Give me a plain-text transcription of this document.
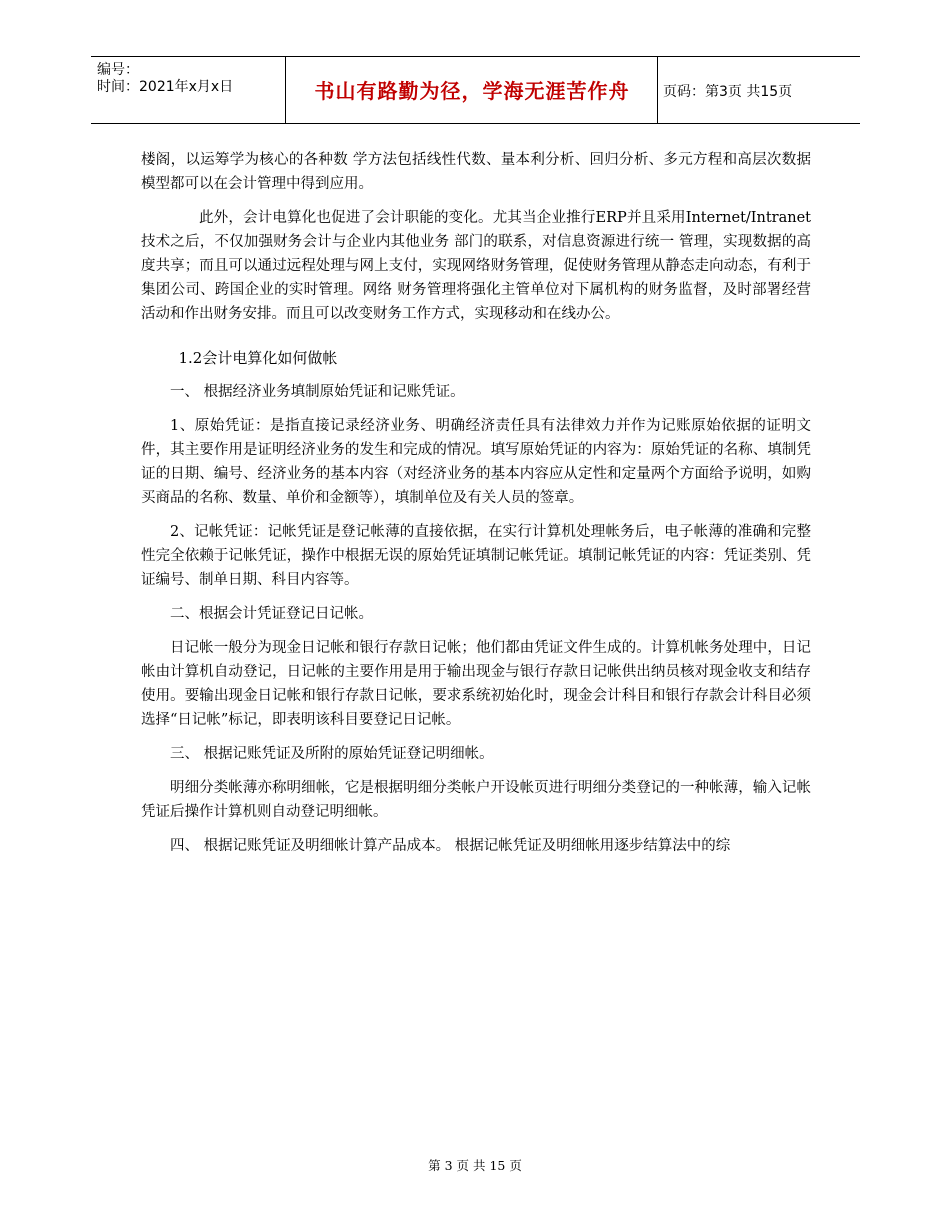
编号：
时间：2021年x月x日	书山有路勤为径，学海无涯苦作舟	页码：第3页 共15页

楼阁，以运筹学为核心的各种数 学方法包括线性代数、量本利分析、回归分析、多元方程和高层次数据模型都可以在会计管理中得到应用。

此外，会计电算化也促进了会计职能的变化。尤其当企业推行ERP并且采用Internet/Intranet技术之后，不仅加强财务会计与企业内其他业务 部门的联系，对信息资源进行统一 管理，实现数据的高度共享；而且可以通过远程处理与网上支付，实现网络财务管理，促使财务管理从静态走向动态，有利于集团公司、跨国企业的实时管理。网络 财务管理将强化主管单位对下属机构的财务监督，及时部署经营活动和作出财务安排。而且可以改变财务工作方式，实现移动和在线办公。

1.2会计电算化如何做帐

一、 根据经济业务填制原始凭证和记账凭证。

1、原始凭证：是指直接记录经济业务、明确经济责任具有法律效力并作为记账原始依据的证明文件，其主要作用是证明经济业务的发生和完成的情况。填写原始凭证的内容为：原始凭证的名称、填制凭证的日期、编号、经济业务的基本内容（对经济业务的基本内容应从定性和定量两个方面给予说明，如购买商品的名称、数量、单价和金额等），填制单位及有关人员的签章。

2、记帐凭证：记帐凭证是登记帐薄的直接依据，在实行计算机处理帐务后，电子帐薄的准确和完整性完全依赖于记帐凭证，操作中根据无误的原始凭证填制记帐凭证。填制记帐凭证的内容：凭证类别、凭证编号、制单日期、科目内容等。

二、根据会计凭证登记日记帐。

日记帐一般分为现金日记帐和银行存款日记帐；他们都由凭证文件生成的。计算机帐务处理中，日记帐由计算机自动登记，日记帐的主要作用是用于输出现金与银行存款日记帐供出纳员核对现金收支和结存使用。要输出现金日记帐和银行存款日记帐，要求系统初始化时，现金会计科目和银行存款会计科目必须选择“日记帐”标记，即表明该科目要登记日记帐。

三、 根据记账凭证及所附的原始凭证登记明细帐。

明细分类帐薄亦称明细帐，它是根据明细分类帐户开设帐页进行明细分类登记的一种帐薄，输入记帐凭证后操作计算机则自动登记明细帐。

四、 根据记账凭证及明细帐计算产品成本。 根据记帐凭证及明细帐用逐步结算法中的综

第 3 页 共 15 页
